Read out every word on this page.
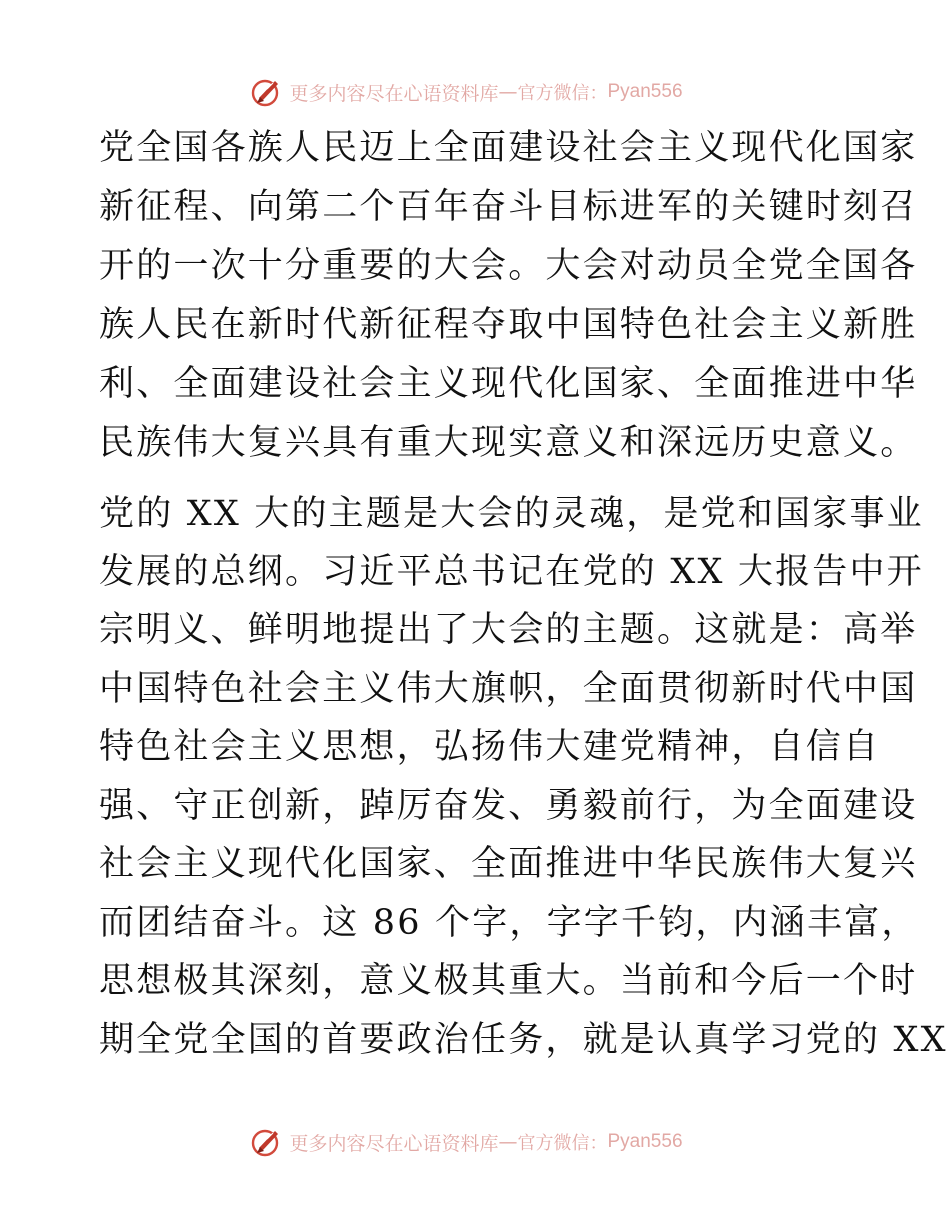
更多内容尽在心语资料库 — 官方微信： Pyan556
党全国各族人民迈上全面建设社会主义现代化国家
新征程、向第二个百年奋斗目标进军的关键时刻召
开的一次十分重要的大会。大会对动员全党全国各
族人民在新时代新征程夺取中国特色社会主义新胜
利、全面建设社会主义现代化国家、全面推进中华
民族伟大复兴具有重大现实意义和深远历史意义。
党的 XX 大的主题是大会的灵魂，是党和国家事业
发展的总纲。习近平总书记在党的 XX 大报告中开
宗明义、鲜明地提出了大会的主题。这就是：高举
中国特色社会主义伟大旗帜，全面贯彻新时代中国
特色社会主义思想，弘扬伟大建党精神，自信自
强、守正创新，踔厉奋发、勇毅前行，为全面建设
社会主义现代化国家、全面推进中华民族伟大复兴
而团结奋斗。这 86 个字，字字千钧，内涵丰富，
思想极其深刻，意义极其重大。当前和今后一个时
期全党全国的首要政治任务，就是认真学习党的 XX
更多内容尽在心语资料库 — 官方微信： Pyan556
